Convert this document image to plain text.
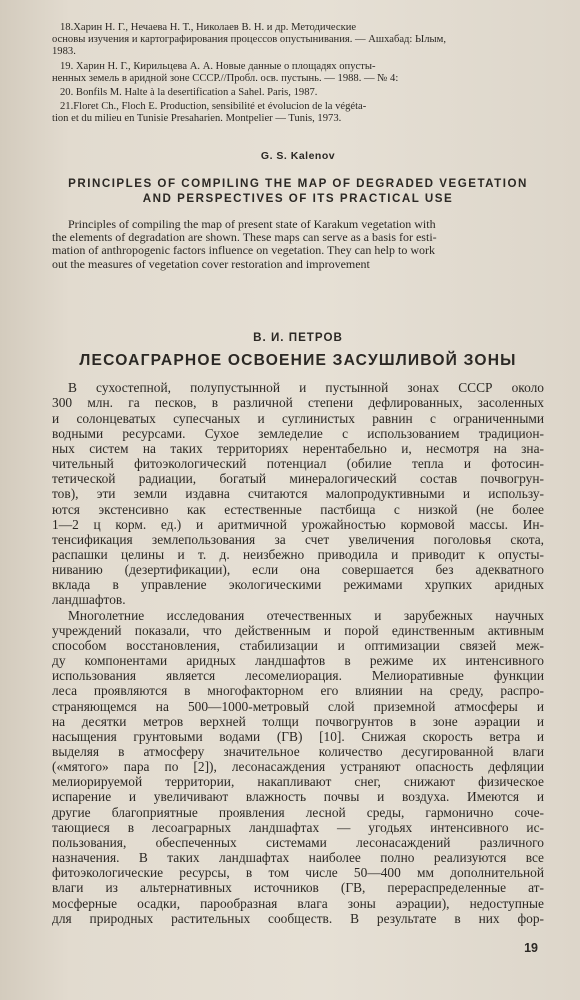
18.Харин Н. Г., Нечаева Н. Т., Николаев В. Н. и др. Методические
основы изучения и картографирования процессов опустынивания. — Ашхабад: Ылым,
1983.
19. Харин Н. Г., Кирильцева А. А. Новые данные о площадях опусты-
ненных земель в аридной зоне СССР.//Пробл. осв. пустынь. — 1988. — № 4:
20. Bonfils M. Halte à la desertification a Sahel. Paris, 1987.
21.Floret Ch., Floch E. Production, sensibilité et évolucion de la végéta-
tion et du milieu en Tunisie Presaharien. Montpelier — Tunis, 1973.
G. S. Kalenov
PRINCIPLES OF COMPILING THE MAP OF DEGRADED VEGETATION
AND PERSPECTIVES OF ITS PRACTICAL USE
Principles of compiling the map of present state of Karakum vegetation with
the elements of degradation are shown. These maps can serve as a basis for esti-
mation of anthropogenic factors influence on vegetation. They can help to work
out the measures of vegetation cover restoration and improvement
В. И. ПЕТРОВ
ЛЕСОАГРАРНОЕ ОСВОЕНИЕ ЗАСУШЛИВОЙ ЗОНЫ
В сухостепной, полупустынной и пустынной зонах СССР около
300 млн. га песков, в различной степени дефлированных, засоленных
и солонцеватых супесчаных и суглинистых равнин с ограниченными
водными ресурсами. Сухое земледелие с использованием традицион-
ных систем на таких территориях нерентабельно и, несмотря на зна-
чительный фитоэкологический потенциал (обилие тепла и фотосин-
тетической радиации, богатый минералогический состав почвогрун-
тов), эти земли издавна считаются малопродуктивными и использу-
ются экстенсивно как естественные пастбища с низкой (не более
1—2 ц корм. ед.) и аритмичной урожайностью кормовой массы. Ин-
тенсификация землепользования за счет увеличения поголовья скота,
распашки целины и т. д. неизбежно приводила и приводит к опусты-
ниванию (дезертификации), если она совершается без адекватного
вклада в управление экологическими режимами хрупких аридных
ландшафтов.
Многолетние исследования отечественных и зарубежных научных
учреждений показали, что действенным и порой единственным активным
способом восстановления, стабилизации и оптимизации связей меж-
ду компонентами аридных ландшафтов в режиме их интенсивного
использования является лесомелиорация. Мелиоративные функции
леса проявляются в многофакторном его влиянии на среду, распро-
страняющемся на 500—1000-метровый слой приземной атмосферы и
на десятки метров верхней толщи почвогрунтов в зоне аэрации и
насыщения грунтовыми водами (ГВ) [10]. Снижая скорость ветра и
выделяя в атмосферу значительное количество десугированной влаги
(«мятого» пара по [2]), лесонасаждения устраняют опасность дефляции
мелиорируемой территории, накапливают снег, снижают физическое
испарение и увеличивают влажность почвы и воздуха. Имеются и
другие благоприятные проявления лесной среды, гармонично соче-
тающиеся в лесоаграрных ландшафтах — угодьях интенсивного ис-
пользования, обеспеченных системами лесонасаждений различного
назначения. В таких ландшафтах наиболее полно реализуются все
фитоэкологические ресурсы, в том числе 50—400 мм дополнительной
влаги из альтернативных источников (ГВ, перераспределенные ат-
мосферные осадки, парообразная влага зоны аэрации), недоступные
для природных растительных сообществ. В результате в них фор-
19
